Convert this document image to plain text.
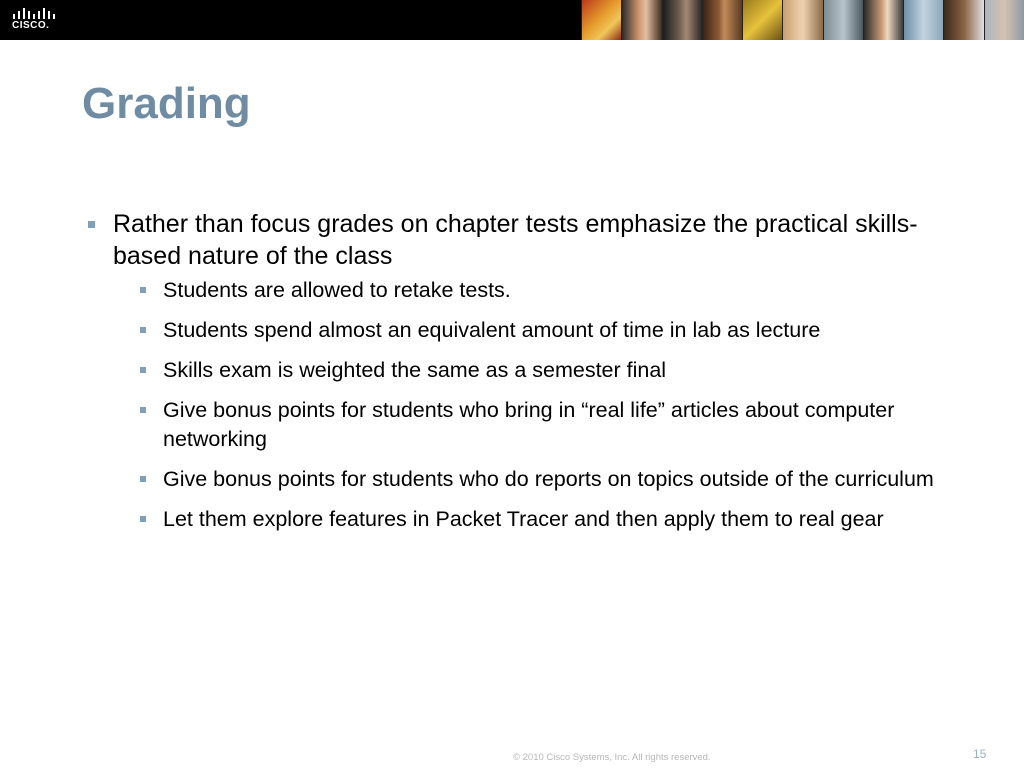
CISCO.
Grading
Rather than focus grades on chapter tests emphasize the practical skills-based nature of the class
Students are allowed to retake tests.
Students spend almost an equivalent amount of time in lab as lecture
Skills exam is weighted the same as a semester final
Give bonus points for students who bring in “real life” articles about computer networking
Give bonus points for students who do reports on topics outside of the curriculum
Let them explore features in Packet Tracer and then apply them to real gear
© 2010 Cisco Systems, Inc. All rights reserved.	15
